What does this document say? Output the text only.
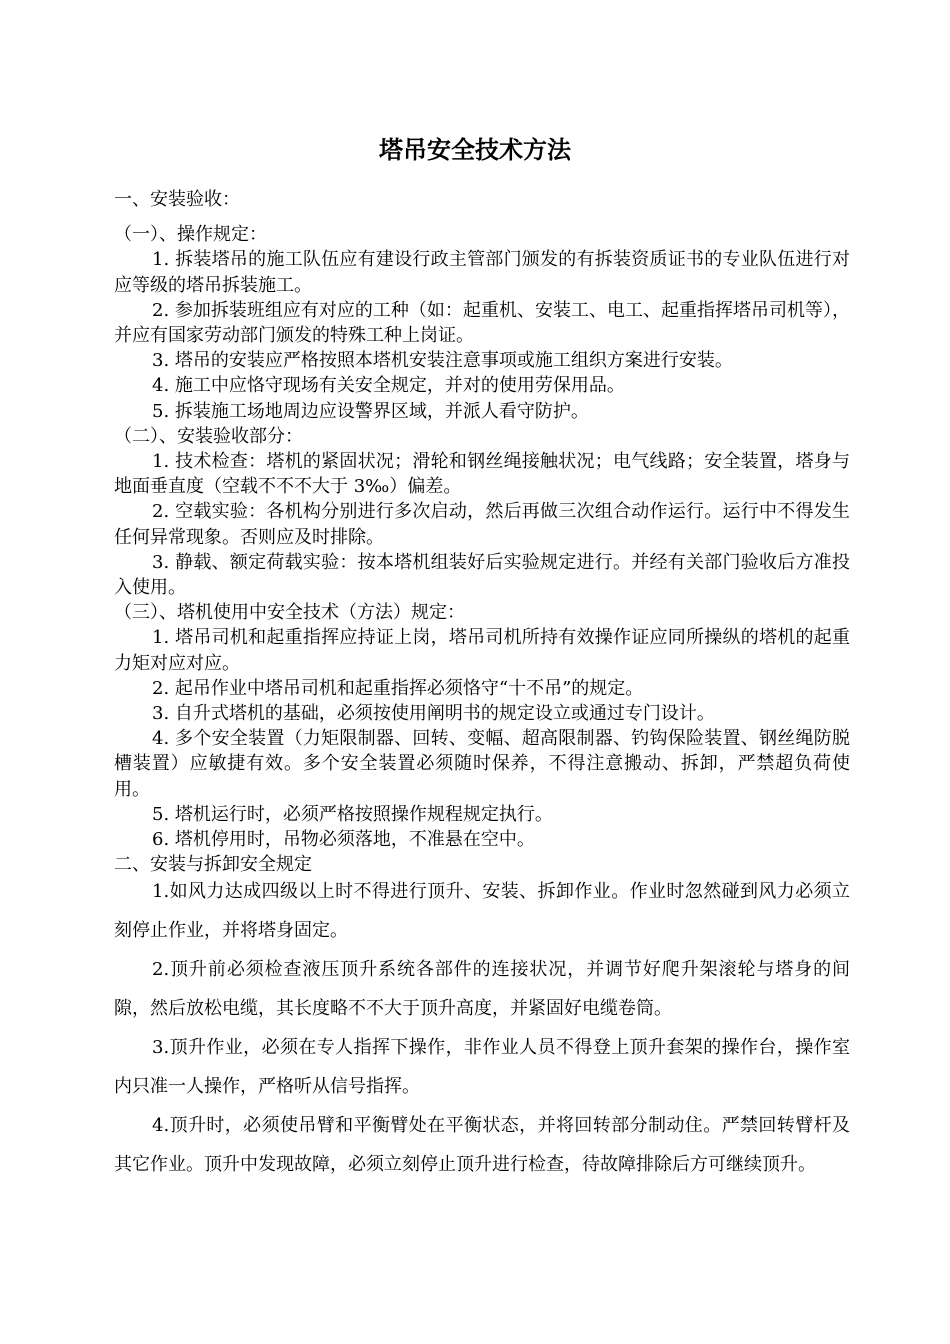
塔吊安全技术方法

一、安装验收：

（一）、操作规定：

1. 拆装塔吊的施工队伍应有建设行政主管部门颁发的有拆装资质证书的专业队伍进行对应等级的塔吊拆装施工。

2. 参加拆装班组应有对应的工种（如：起重机、安装工、电工、起重指挥塔吊司机等），并应有国家劳动部门颁发的特殊工种上岗证。

3. 塔吊的安装应严格按照本塔机安装注意事项或施工组织方案进行安装。

4. 施工中应恪守现场有关安全规定，并对的使用劳保用品。

5. 拆装施工场地周边应设警界区域，并派人看守防护。

（二）、安装验收部分：

1. 技术检查：塔机的紧固状况；滑轮和钢丝绳接触状况；电气线路；安全装置，塔身与地面垂直度（空载不不不大于 3‰）偏差。

2. 空载实验：各机构分别进行多次启动，然后再做三次组合动作运行。运行中不得发生任何异常现象。否则应及时排除。

3. 静载、额定荷载实验：按本塔机组装好后实验规定进行。并经有关部门验收后方准投入使用。

（三）、塔机使用中安全技术（方法）规定：

1. 塔吊司机和起重指挥应持证上岗，塔吊司机所持有效操作证应同所操纵的塔机的起重力矩对应对应。

2. 起吊作业中塔吊司机和起重指挥必须恪守“十不吊”的规定。

3. 自升式塔机的基础，必须按使用阐明书的规定设立或通过专门设计。

4. 多个安全装置（力矩限制器、回转、变幅、超高限制器、钓钩保险装置、钢丝绳防脱槽装置）应敏捷有效。多个安全装置必须随时保养，不得注意搬动、拆卸，严禁超负荷使用。

5. 塔机运行时，必须严格按照操作规程规定执行。

6. 塔机停用时，吊物必须落地，不准悬在空中。

二、安装与拆卸安全规定

1.如风力达成四级以上时不得进行顶升、安装、拆卸作业。作业时忽然碰到风力必须立刻停止作业，并将塔身固定。

2.顶升前必须检查液压顶升系统各部件的连接状况，并调节好爬升架滚轮与塔身的间隙，然后放松电缆，其长度略不不大于顶升高度，并紧固好电缆卷筒。

3.顶升作业，必须在专人指挥下操作，非作业人员不得登上顶升套架的操作台，操作室内只准一人操作，严格听从信号指挥。

4.顶升时，必须使吊臂和平衡臂处在平衡状态，并将回转部分制动住。严禁回转臂杆及其它作业。顶升中发现故障，必须立刻停止顶升进行检查，待故障排除后方可继续顶升。
